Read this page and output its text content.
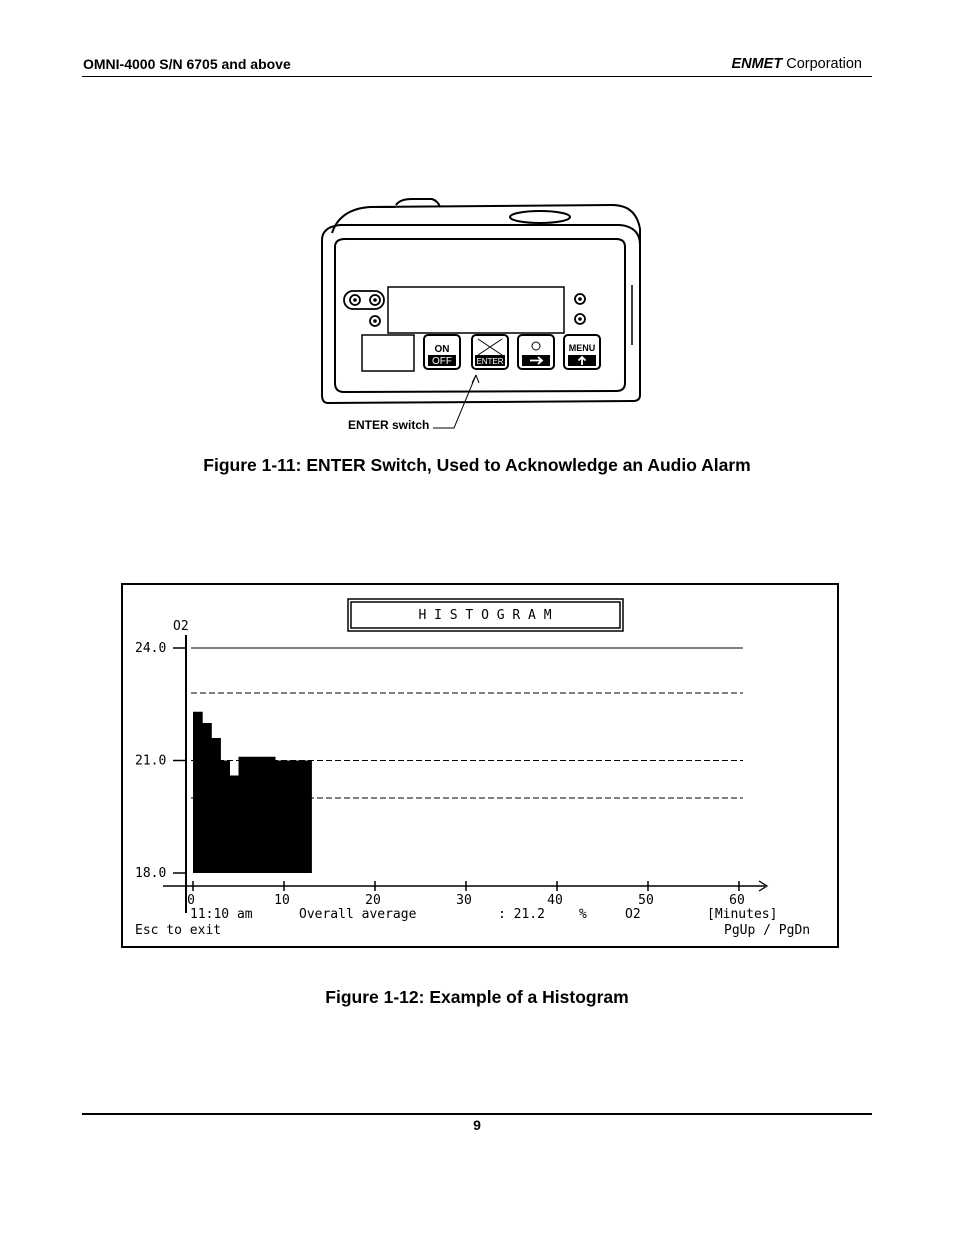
OMNI-4000 S/N 6705 and above	ENMET Corporation
ON
OFF	ENTER
MENU
ENTER switch
Figure 1-11: ENTER Switch, Used to Acknowledge an Audio Alarm
H I S T O G R A M
O2
24.0
21.0
18.0
0	10	20	30	40	50	60
11:10 am	Overall average	: 21.2	%	O2	[Minutes]
Esc to exit	PgUp / PgDn
Figure 1-12: Example of a Histogram
9
